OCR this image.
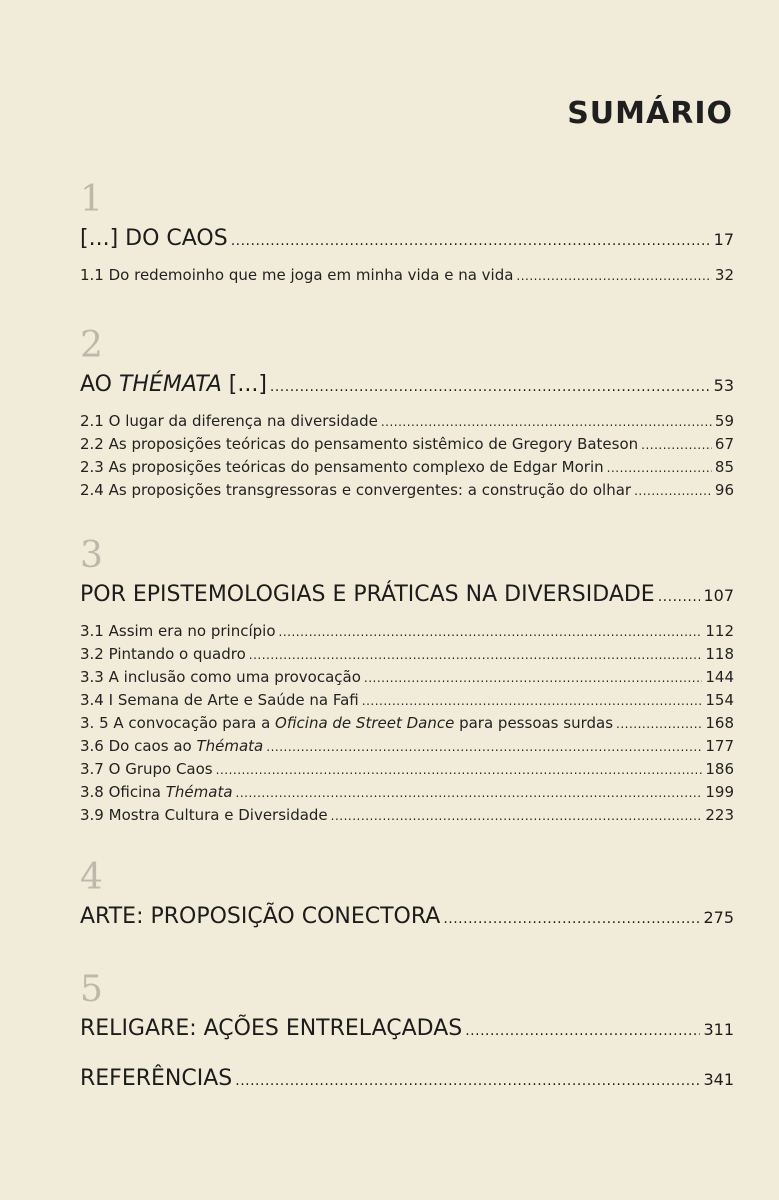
SUMÁRIO
1
[...] DO CAOS .....	17
1.1 Do redemoinho que me joga em minha vida e na vida .....	32
2
AO THÉMATA [...] .....	53
2.1 O lugar da diferença na diversidade .....	59
2.2 As proposições teóricas do pensamento sistêmico de Gregory Bateson .....	67
2.3 As proposições teóricas do pensamento complexo de Edgar Morin .....	85
2.4 As proposições transgressoras e convergentes: a construção do olhar .....	96
3
POR EPISTEMOLOGIAS E PRÁTICAS NA DIVERSIDADE .....	107
3.1 Assim era no princípio .....	112
3.2 Pintando o quadro .....	118
3.3 A inclusão como uma provocação .....	144
3.4 I Semana de Arte e Saúde na Fafi .....	154
3. 5 A convocação para a Oficina de Street Dance para pessoas surdas .....	168
3.6 Do caos ao Thémata .....	177
3.7 O Grupo Caos .....	186
3.8 Oficina Thémata .....	199
3.9 Mostra Cultura e Diversidade .....	223
4
ARTE: PROPOSIÇÃO CONECTORA .....	275
5
RELIGARE: AÇÕES ENTRELAÇADAS .....	311
REFERÊNCIAS .....	341
